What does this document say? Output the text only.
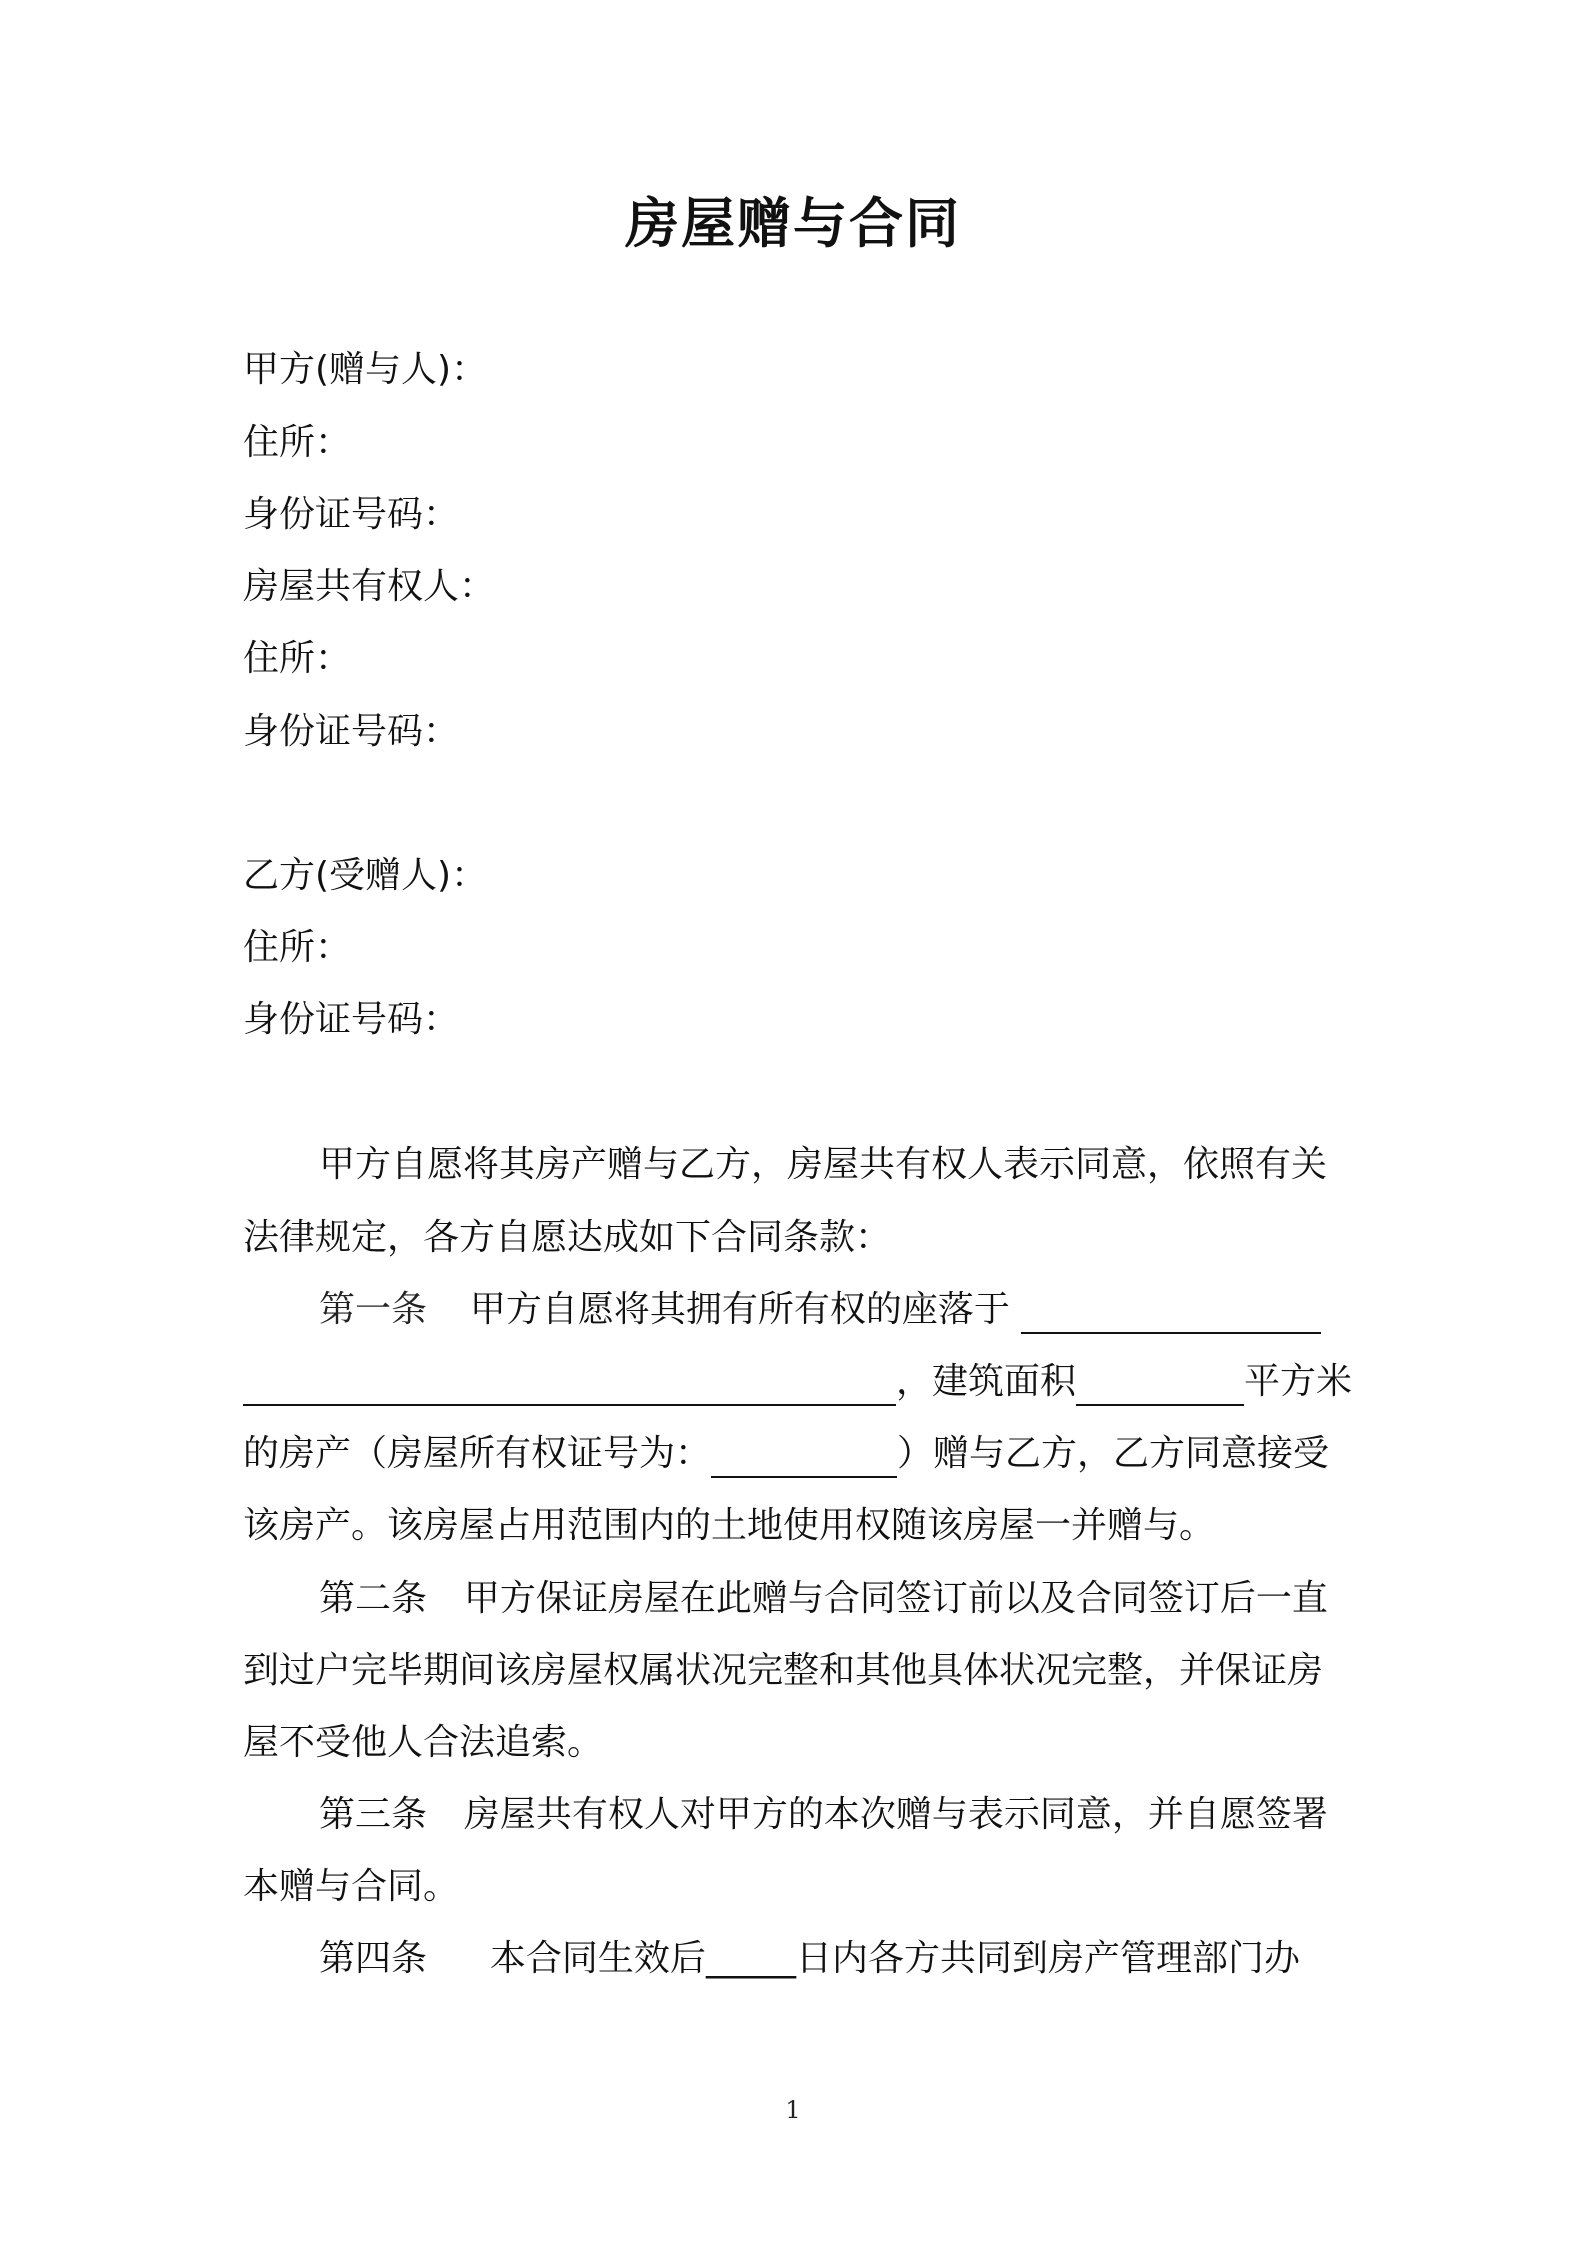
房屋赠与合同
甲方(赠与人)：
住所：
身份证号码：
房屋共有权人：
住所：
身份证号码：
乙方(受赠人)：
住所：
身份证号码：
甲方自愿将其房产赠与乙方，房屋共有权人表示同意，依照有关
法律规定，各方自愿达成如下合同条款：
第一条 甲方自愿将其拥有所有权的座落于
，建筑面积	平方米
的房产（房屋所有权证号为：	）赠与乙方，乙方同意接受
该房产。该房屋占用范围内的土地使用权随该房屋一并赠与。
第二条 甲方保证房屋在此赠与合同签订前以及合同签订后一直
到过户完毕期间该房屋权属状况完整和其他具体状况完整，并保证房
屋不受他人合法追索。
第三条 房屋共有权人对甲方的本次赠与表示同意，并自愿签署
本赠与合同。
第四条 本合同生效后_____日内各方共同到房产管理部门办
1
